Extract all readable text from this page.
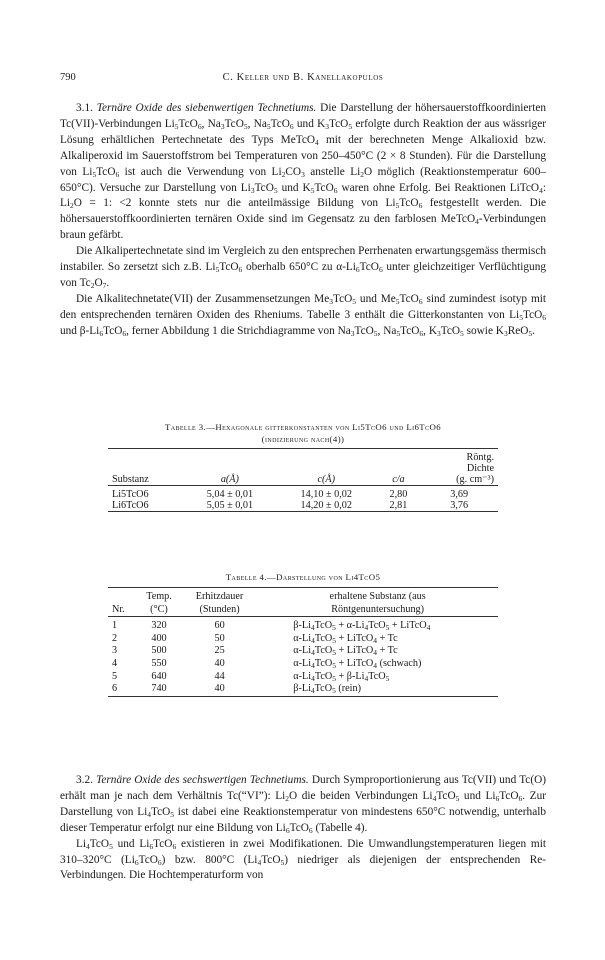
790	C. Keller und B. Kanellakopulos

3.1. Ternäre Oxide des siebenwertigen Technetiums. Die Darstellung der höhersauerstoffkoordinierten Tc(VII)-Verbindungen $Li_5TcO_6$, $Na_3TcO_5$, $Na_5TcO_6$ und $K_3TcO_5$ erfolgte durch Reaktion der aus wässriger Lösung erhältlichen Pertechnetate des Typs MeTcO$_4$ mit der berechneten Menge Alkalioxid bzw. Alkaliperoxid im Sauerstoffstrom bei Temperaturen von 250–450°C (2 × 8 Stunden). Für die Darstellung von $Li_5TcO_6$ ist auch die Verwendung von $Li_2CO_3$ anstelle $Li_2O$ möglich (Reaktionstemperatur 600–650°C). Versuche zur Darstellung von $Li_3TcO_5$ und $K_5TcO_6$ waren ohne Erfolg. Bei Reaktionen LiTcO$_4$: $Li_2O = 1$: <2 konnte stets nur die anteilmässige Bildung von $Li_5TcO_6$ festgestellt werden. Die höhersauerstoffkoordinierten ternären Oxide sind im Gegensatz zu den farblosen MeTcO$_4$-Verbindungen braun gefärbt.

Die Alkalipertechnetate sind im Vergleich zu den entsprechen Perrhenaten erwartungsgemäss thermisch instabiler. So zersetzt sich z.B. $Li_5TcO_6$ oberhalb 650°C zu $\alpha-Li_6TcO_6$ unter gleichzeitiger Verflüchtigung von $Tc_2O_7$.

Die Alkalitechnetate(VII) der Zusammensetzungen $Me_3TcO_5$ und $Me_5TcO_6$ sind zumindest isotyp mit den entsprechenden ternären Oxiden des Rheniums. Tabelle 3 enthält die Gitterkonstanten von $Li_5TcO_6$ und $\beta-Li_6TcO_6$, ferner Abbildung 1 die Strichdiagramme von $Na_3TcO_5$, $Na_5TcO_6$, $K_3TcO_5$ sowie $K_3ReO_5$.

Tabelle 3.—Hexagonale gitterkonstanten von Li5TcO6 und Li6TcO6
(indizierung nach(4))

				Röntg.
				Dichte
Substanz	a(Å)	c(Å)	c/a	(g. cm⁻³)

Li5TcO6	5,04 ± 0,01	14,10 ± 0,02	2,80	3,69
Li6TcO6	5,05 ± 0,01	14,20 ± 0,02	2,81	3,76

Tabelle 4.—Darstellung von Li4TcO5

	Temp.	Erhitzdauer	erhaltene Substanz (aus
Nr.	(°C)	(Stunden)	Röntgenuntersuchung)

1	320	60	$\beta-Li_4TcO_5 + \alpha-Li_4TcO_5$ + LiTcO$_4$
2	400	50	$\alpha-Li_4TcO_5$ + LiTcO$_4$ + Tc
3	500	25	$\alpha-Li_4TcO_5$ + LiTcO$_4$ + Tc
4	550	40	$\alpha-Li_4TcO_5$ + LiTcO$_4$ (schwach)
5	640	44	$\alpha-Li_4TcO_5 + \beta-Li_4TcO_5$
6	740	40	$\beta-Li_4TcO_5$ (rein)

3.2. Ternäre Oxide des sechswertigen Technetiums. Durch Symproportionierung aus Tc(VII) und Tc(O) erhält man je nach dem Verhältnis Tc(“VI”): $Li_2O$ die beiden Verbindungen $Li_4TcO_5$ und $Li_6TcO_6$. Zur Darstellung von $Li_4TcO_5$ ist dabei eine Reaktionstemperatur von mindestens 650°C notwendig, unterhalb dieser Temperatur erfolgt nur eine Bildung von $Li_6TcO_6$ (Tabelle 4).

$Li_4TcO_5$ und $Li_6TcO_6$ existieren in zwei Modifikationen. Die Umwandlungstemperaturen liegen mit 310–320°C $(Li_6TcO_6)$ bzw. 800°C $(Li_4TcO_5)$ niedriger als diejenigen der entsprechenden Re-Verbindungen. Die Hochtemperaturform von
